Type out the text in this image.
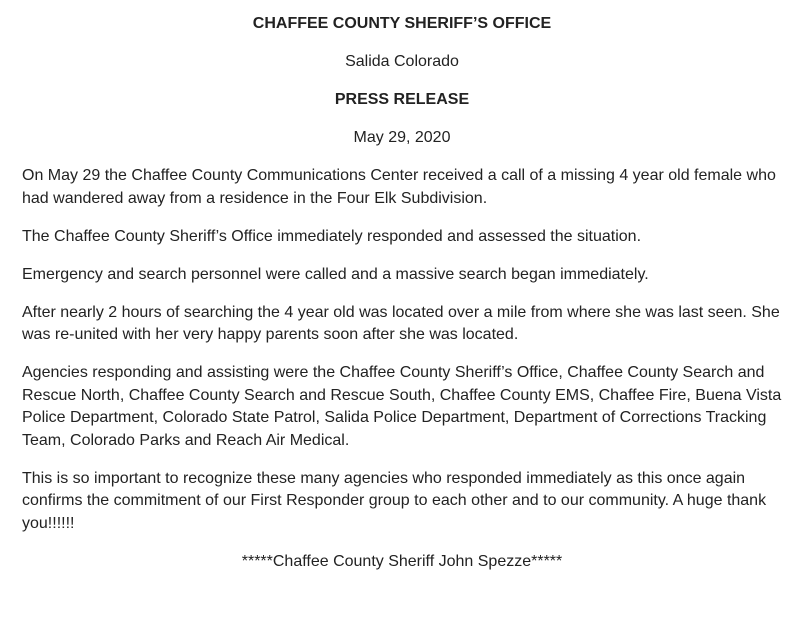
CHAFFEE COUNTY SHERIFF’S OFFICE

Salida Colorado

PRESS RELEASE

May 29, 2020

On May 29 the Chaffee County Communications Center received a call of a missing 4 year old female who had wandered away from a residence in the Four Elk Subdivision.

The Chaffee County Sheriff’s Office immediately responded and assessed the situation.

Emergency and search personnel were called and a massive search began immediately.

After nearly 2 hours of searching the 4 year old was located over a mile from where she was last seen. She was re-united with her very happy parents soon after she was located.

Agencies responding and assisting were the Chaffee County Sheriff’s Office, Chaffee County Search and Rescue North, Chaffee County Search and Rescue South, Chaffee County EMS, Chaffee Fire, Buena Vista Police Department, Colorado State Patrol, Salida Police Department, Department of Corrections Tracking Team, Colorado Parks and Reach Air Medical.

This is so important to recognize these many agencies who responded immediately as this once again confirms the commitment of our First Responder group to each other and to our community. A huge thank you!!!!!!

*****Chaffee County Sheriff John Spezze*****
